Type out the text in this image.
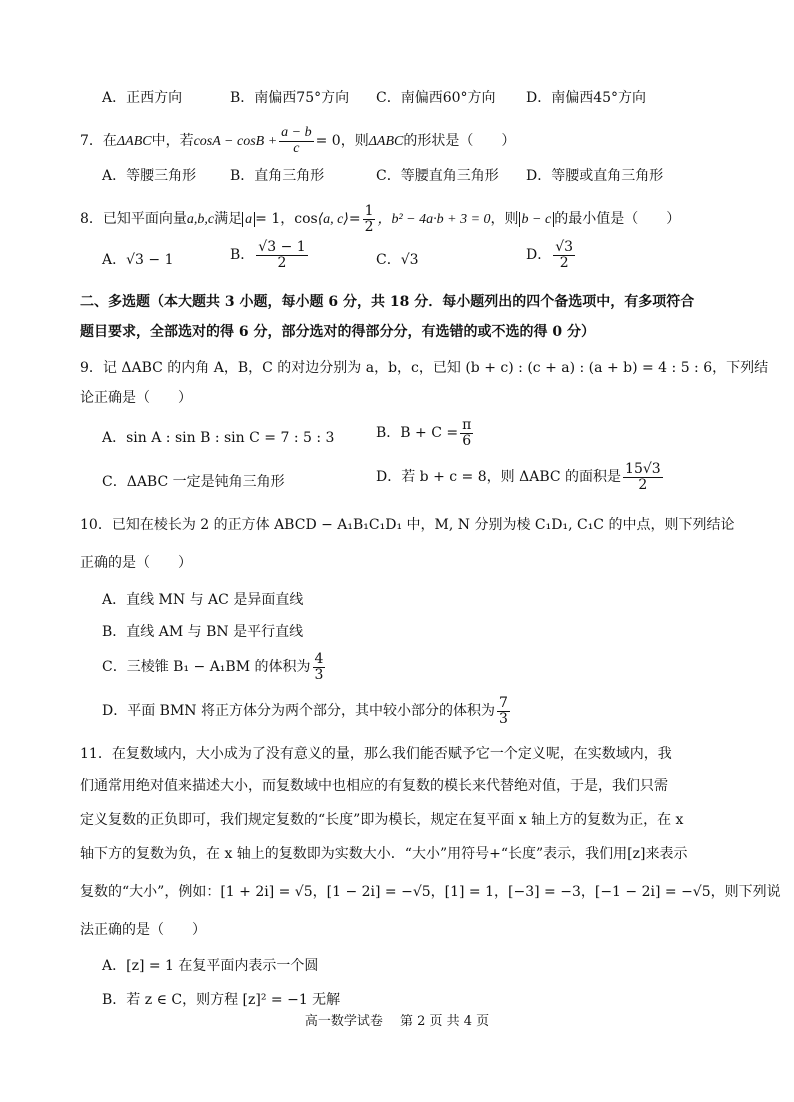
A．正西方向	B．南偏西75°方向 C．南偏西60°方向 D．南偏西45°方向
7．在ΔABC中，若$\cos A - \cos B + \frac{a - b}{c} = 0$，则ΔABC的形状是（　　）
A．等腰三角形 B．直角三角形	C．等腰直角三角形 D．等腰或直角三角形
8．已知平面向量a,b,c满足 a = 1，cos⟨a, c⟩= $\frac{1}{2}$ ，b² − 4a·b + 3 = 0，则 b − c 的最小值是（　　）
A．√3 − 1	B． $\frac{√3 - 1}{2}$	C．√3	D． $\frac{√3}{2}$
二、多选题（本大题共 3 小题，每小题 6 分，共 18 分．每小题列出的四个备选项中，有多项符合
题目要求，全部选对的得 6 分，部分选对的得部分分，有选错的或不选的得 0 分）
9．记 ΔABC 的内角 A，B，C 的对边分别为 a，b，c，已知 (b + c) : (c + a) : (a + b) = 4 : 5 : 6，下列结
论正确是（　　）
A．sin A : sin B : sin C = 7 : 5 : 3	B．$B + C = \frac{\pi}{6}$
C．ΔABC 一定是钝角三角形	D．若 b + c = 8，则 ΔABC 的面积是 $\frac{15√3}{2}$
10．已知在棱长为 2 的正方体 ABCD − A₁B₁C₁D₁ 中，M, N 分别为棱 C₁D₁, C₁C 的中点，则下列结论
正确的是（　　）
A．直线 MN 与 AC 是异面直线
B．直线 AM 与 BN 是平行直线
C．三棱锥 B₁ − A₁BM 的体积为 $\frac{4}{3}$
D．平面 BMN 将正方体分为两个部分，其中较小部分的体积为 $\frac{7}{3}$
11．在复数域内，大小成为了没有意义的量，那么我们能否赋予它一个定义呢，在实数域内，我
们通常用绝对值来描述大小，而复数域中也相应的有复数的模长来代替绝对值，于是，我们只需
定义复数的正负即可，我们规定复数的“长度”即为模长，规定在复平面 x 轴上方的复数为正，在 x
轴下方的复数为负，在 x 轴上的复数即为实数大小．“大小”用符号+“长度”表示，我们用[z]来表示
复数的“大小”，例如：[1 + 2i] = √5，[1 − 2i] = −√5，[1] = 1，[−3] = −3，[−1 − 2i] = −√5，则下列说
法正确的是（　　）
A．[z] = 1 在复平面内表示一个圆
B．若 z ∈ C，则方程 [z]² = −1 无解
高一数学试卷　 第 2 页 共 4 页
